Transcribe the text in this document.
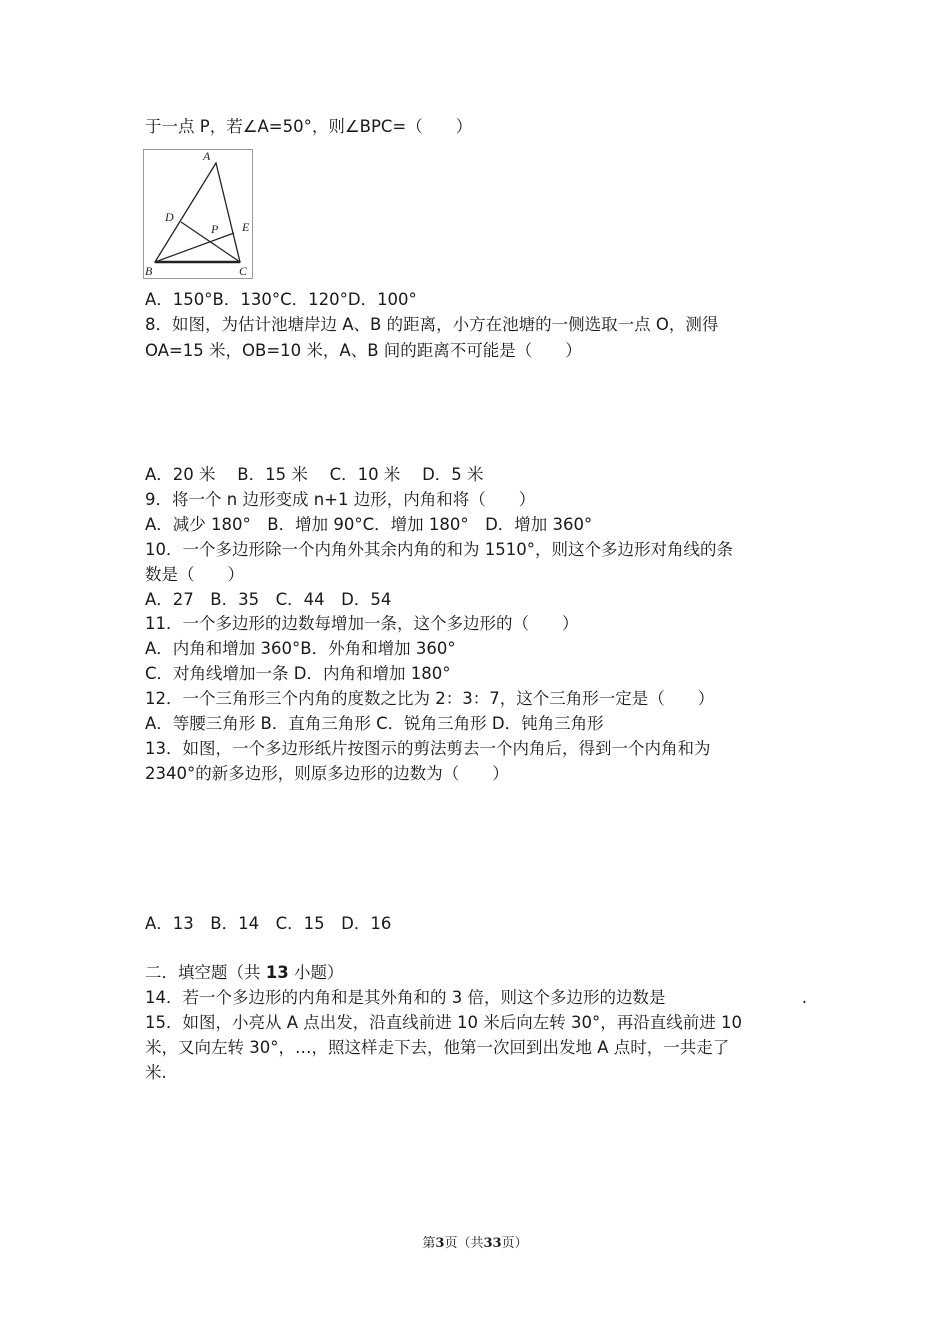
于一点 P，若∠A=50°，则∠BPC=（　　）
A
D
P E
B	C
A．150°B．130°C．120°D．100°
8．如图，为估计池塘岸边 A、B 的距离，小方在池塘的一侧选取一点 O，测得
OA=15 米，OB=10 米，A、B 间的距离不可能是（　　）
A．20 米　 B．15 米　 C．10 米　 D．5 米
9．将一个 n 边形变成 n+1 边形，内角和将（　　）
A．减少 180°　B．增加 90°C．增加 180°　D．增加 360°
10．一个多边形除一个内角外其余内角的和为 1510°，则这个多边形对角线的条
数是（　　）
A．27　B．35　C．44　D．54
11．一个多边形的边数每增加一条，这个多边形的（　　）
A．内角和增加 360°B．外角和增加 360°
C．对角线增加一条 D．内角和增加 180°
12．一个三角形三个内角的度数之比为 2：3：7，这个三角形一定是（　　）
A．等腰三角形 B．直角三角形 C．锐角三角形 D．钝角三角形
13．如图，一个多边形纸片按图示的剪法剪去一个内角后，得到一个内角和为
2340°的新多边形，则原多边形的边数为（　　）
A．13　B．14　C．15　D．16
二．填空题（共 13 小题）
14．若一个多边形的内角和是其外角和的 3 倍，则这个多边形的边数是	.
15．如图，小亮从 A 点出发，沿直线前进 10 米后向左转 30°，再沿直线前进 10
米，又向左转 30°，…，照这样走下去，他第一次回到出发地 A 点时，一共走了
米.
第3页（共33页）
